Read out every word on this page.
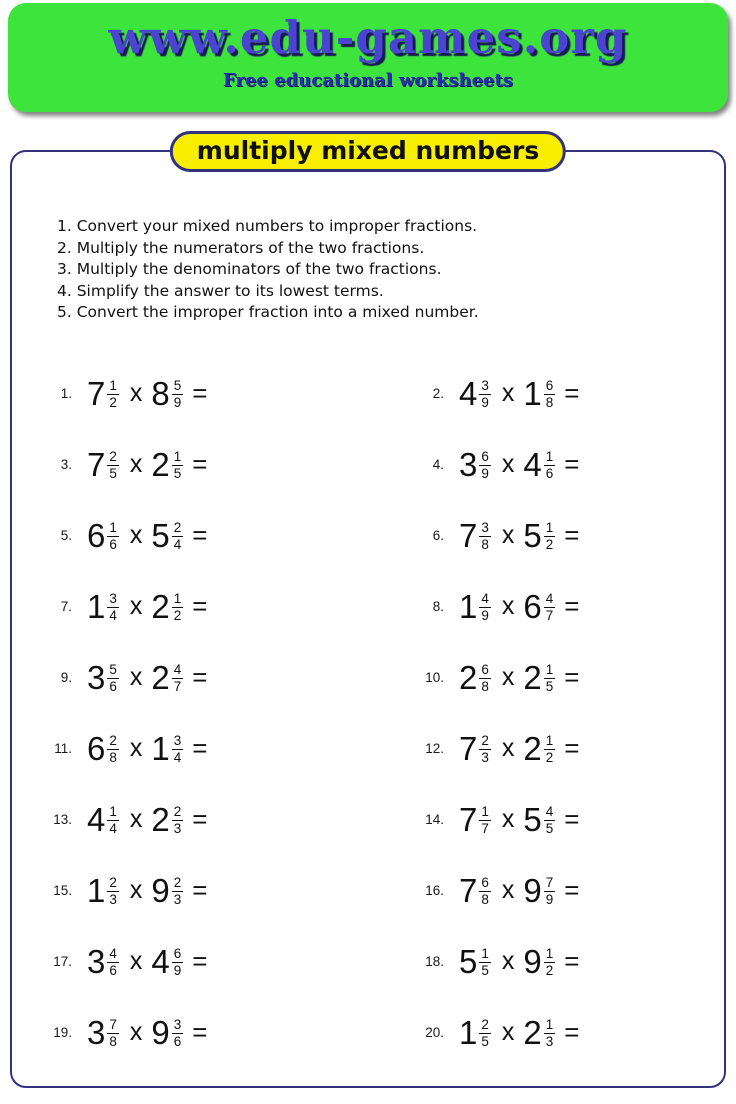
www.edu-games.org
Free educational worksheets
multiply mixed numbers
1. Convert your mixed numbers to improper fractions.
2. Multiply the numerators of the two fractions.
3. Multiply the denominators of the two fractions.
4. Simplify the answer to its lowest terms.
5. Convert the improper fraction into a mixed number.
1. $7 \frac{1}{2}$ x $8 \frac{5}{9}$ =	2. $4 \frac{3}{9}$ x $1 \frac{6}{8}$ =
3. $7 \frac{2}{5}$ x $2 \frac{1}{5}$ =	4. $3 \frac{6}{9}$ x $4 \frac{1}{6}$ =
5. $6 \frac{1}{6}$ x $5 \frac{2}{4}$ =	6. $7 \frac{3}{8}$ x $5 \frac{1}{2}$ =
7. $1 \frac{3}{4}$ x $2 \frac{1}{2}$ =	8. $1 \frac{4}{9}$ x $6 \frac{4}{7}$ =
9. $3 \frac{5}{6}$ x $2 \frac{4}{7}$ =	10. $2 \frac{6}{8}$ x $2 \frac{1}{5}$ =
11. $6 \frac{2}{8}$ x $1 \frac{3}{4}$ =	12. $7 \frac{2}{3}$ x $2 \frac{1}{2}$ =
13. $4 \frac{1}{4}$ x $2 \frac{2}{3}$ =	14. $7 \frac{1}{7}$ x $5 \frac{4}{5}$ =
15. $1 \frac{2}{3}$ x $9 \frac{2}{3}$ =	16. $7 \frac{6}{8}$ x $9 \frac{7}{9}$ =
17. $3 \frac{4}{6}$ x $4 \frac{6}{9}$ =	18. $5 \frac{1}{5}$ x $9 \frac{1}{2}$ =
19. $3 \frac{7}{8}$ x $9 \frac{3}{6}$ =	20. $1 \frac{2}{5}$ x $2 \frac{1}{3}$ =
